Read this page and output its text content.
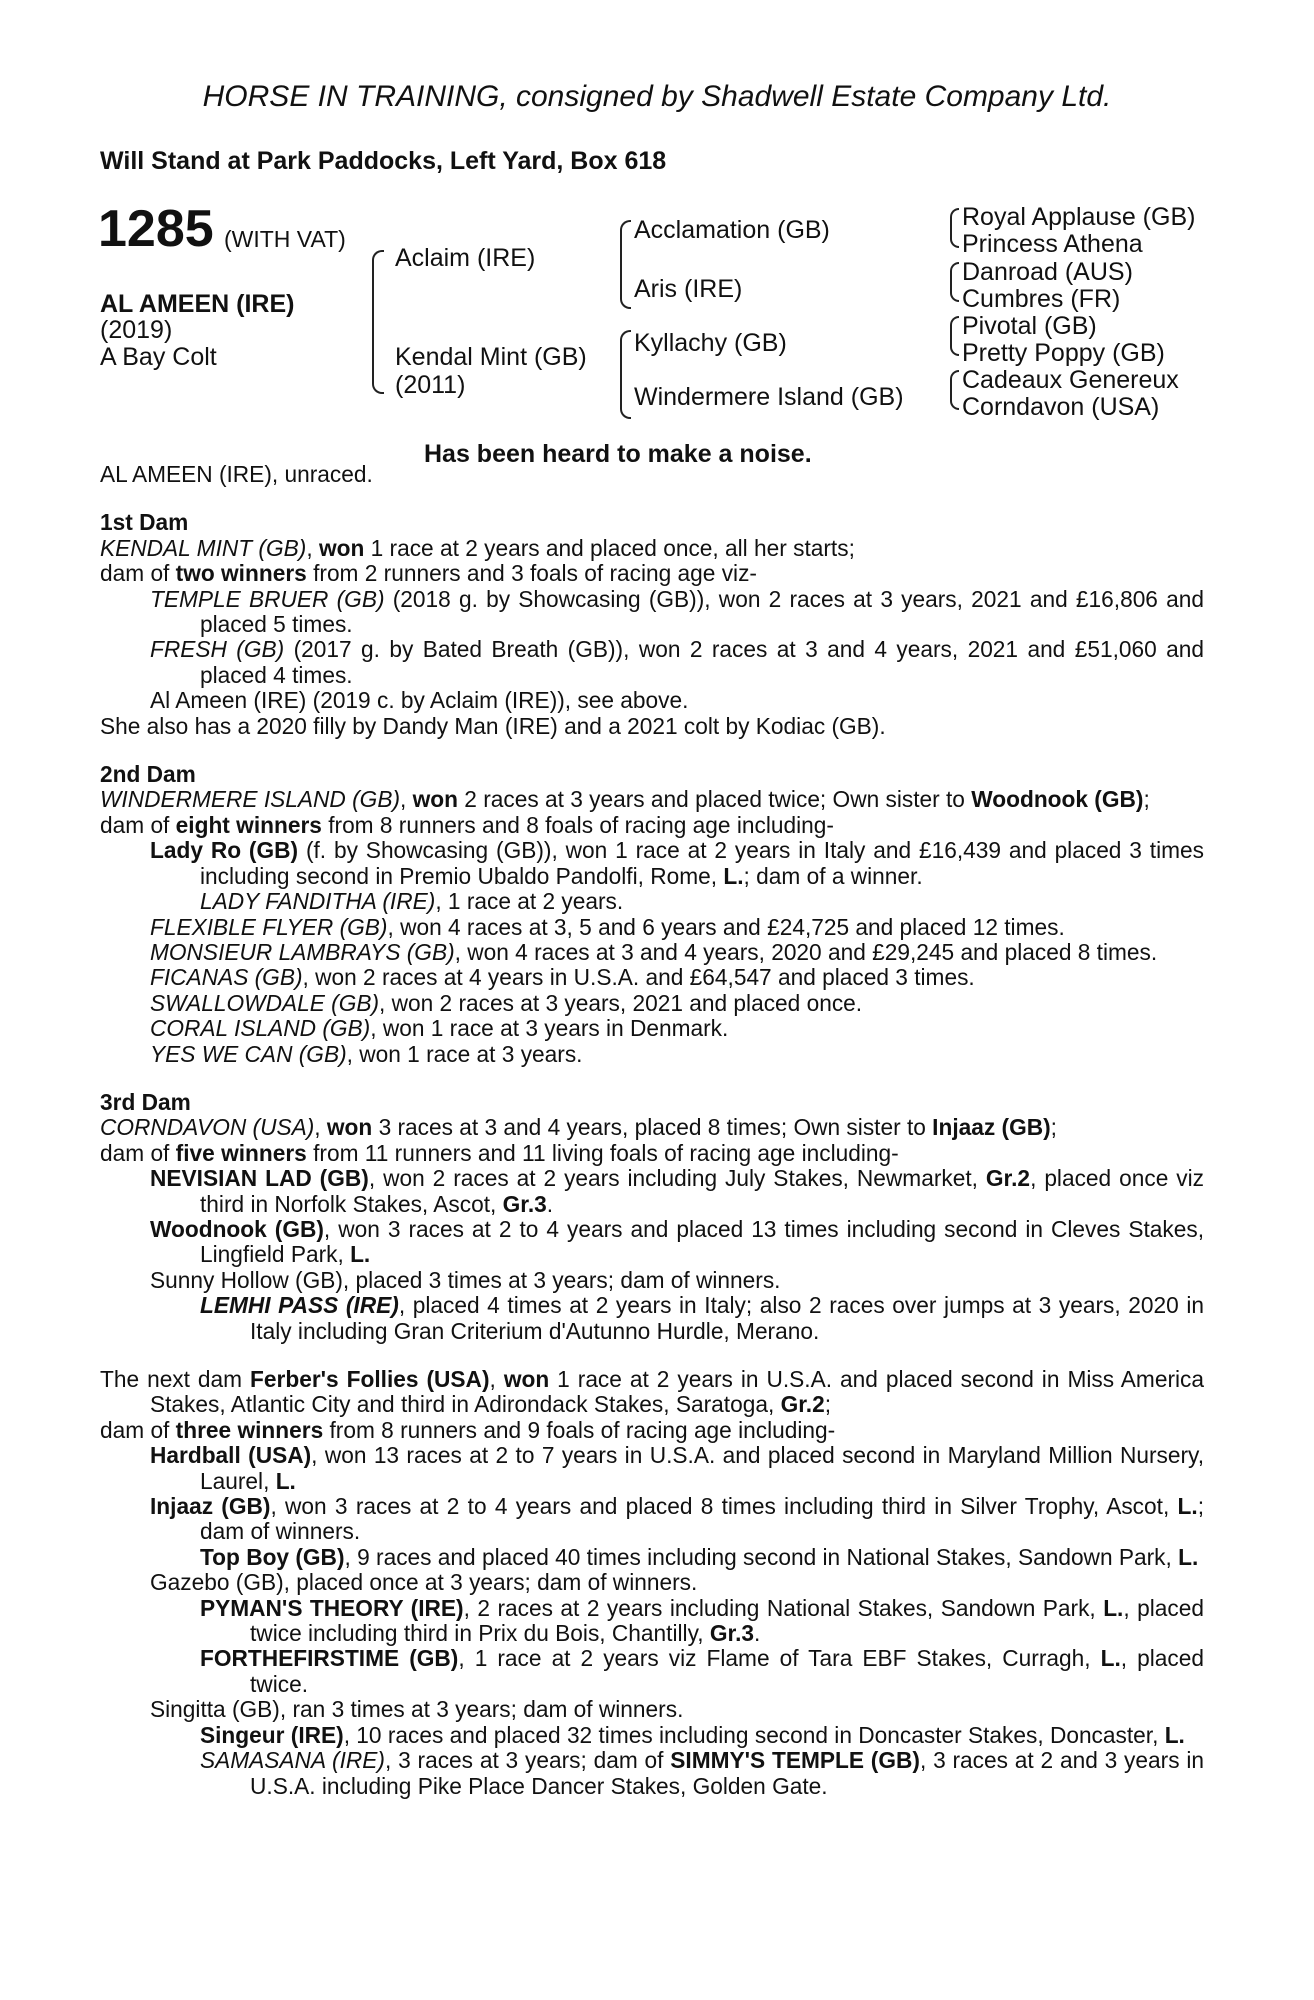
HORSE IN TRAINING, consigned by Shadwell Estate Company Ltd.
Will Stand at Park Paddocks, Left Yard, Box 618
1285 (WITH VAT)
AL AMEEN (IRE)
(2019)
A Bay Colt
Aclaim (IRE)
Kendal Mint (GB)
(2011)
Acclamation (GB)
Aris (IRE)
Kyllachy (GB)
Windermere Island (GB)
Royal Applause (GB)
Princess Athena
Danroad (AUS)
Cumbres (FR)
Pivotal (GB)
Pretty Poppy (GB)
Cadeaux Genereux
Corndavon (USA)
Has been heard to make a noise.
AL AMEEN (IRE), unraced.
1st Dam
KENDAL MINT (GB), won 1 race at 2 years and placed once, all her starts;
dam of two winners from 2 runners and 3 foals of racing age viz-
TEMPLE BRUER (GB) (2018 g. by Showcasing (GB)), won 2 races at 3 years, 2021 and £16,806 and placed 5 times.
FRESH (GB) (2017 g. by Bated Breath (GB)), won 2 races at 3 and 4 years, 2021 and £51,060 and placed 4 times.
Al Ameen (IRE) (2019 c. by Aclaim (IRE)), see above.
She also has a 2020 filly by Dandy Man (IRE) and a 2021 colt by Kodiac (GB).
2nd Dam
WINDERMERE ISLAND (GB), won 2 races at 3 years and placed twice; Own sister to Woodnook (GB);
dam of eight winners from 8 runners and 8 foals of racing age including-
Lady Ro (GB) (f. by Showcasing (GB)), won 1 race at 2 years in Italy and £16,439 and placed 3 times including second in Premio Ubaldo Pandolfi, Rome, L.; dam of a winner.
LADY FANDITHA (IRE), 1 race at 2 years.
FLEXIBLE FLYER (GB), won 4 races at 3, 5 and 6 years and £24,725 and placed 12 times.
MONSIEUR LAMBRAYS (GB), won 4 races at 3 and 4 years, 2020 and £29,245 and placed 8 times.
FICANAS (GB), won 2 races at 4 years in U.S.A. and £64,547 and placed 3 times.
SWALLOWDALE (GB), won 2 races at 3 years, 2021 and placed once.
CORAL ISLAND (GB), won 1 race at 3 years in Denmark.
YES WE CAN (GB), won 1 race at 3 years.
3rd Dam
CORNDAVON (USA), won 3 races at 3 and 4 years, placed 8 times; Own sister to Injaaz (GB);
dam of five winners from 11 runners and 11 living foals of racing age including-
NEVISIAN LAD (GB), won 2 races at 2 years including July Stakes, Newmarket, Gr.2, placed once viz third in Norfolk Stakes, Ascot, Gr.3.
Woodnook (GB), won 3 races at 2 to 4 years and placed 13 times including second in Cleves Stakes, Lingfield Park, L.
Sunny Hollow (GB), placed 3 times at 3 years; dam of winners.
LEMHI PASS (IRE), placed 4 times at 2 years in Italy; also 2 races over jumps at 3 years, 2020 in Italy including Gran Criterium d'Autunno Hurdle, Merano.
The next dam Ferber's Follies (USA), won 1 race at 2 years in U.S.A. and placed second in Miss America Stakes, Atlantic City and third in Adirondack Stakes, Saratoga, Gr.2;
dam of three winners from 8 runners and 9 foals of racing age including-
Hardball (USA), won 13 races at 2 to 7 years in U.S.A. and placed second in Maryland Million Nursery, Laurel, L.
Injaaz (GB), won 3 races at 2 to 4 years and placed 8 times including third in Silver Trophy, Ascot, L.; dam of winners.
Top Boy (GB), 9 races and placed 40 times including second in National Stakes, Sandown Park, L.
Gazebo (GB), placed once at 3 years; dam of winners.
PYMAN'S THEORY (IRE), 2 races at 2 years including National Stakes, Sandown Park, L., placed twice including third in Prix du Bois, Chantilly, Gr.3.
FORTHEFIRSTIME (GB), 1 race at 2 years viz Flame of Tara EBF Stakes, Curragh, L., placed twice.
Singitta (GB), ran 3 times at 3 years; dam of winners.
Singeur (IRE), 10 races and placed 32 times including second in Doncaster Stakes, Doncaster, L.
SAMASANA (IRE), 3 races at 3 years; dam of SIMMY'S TEMPLE (GB), 3 races at 2 and 3 years in U.S.A. including Pike Place Dancer Stakes, Golden Gate.
